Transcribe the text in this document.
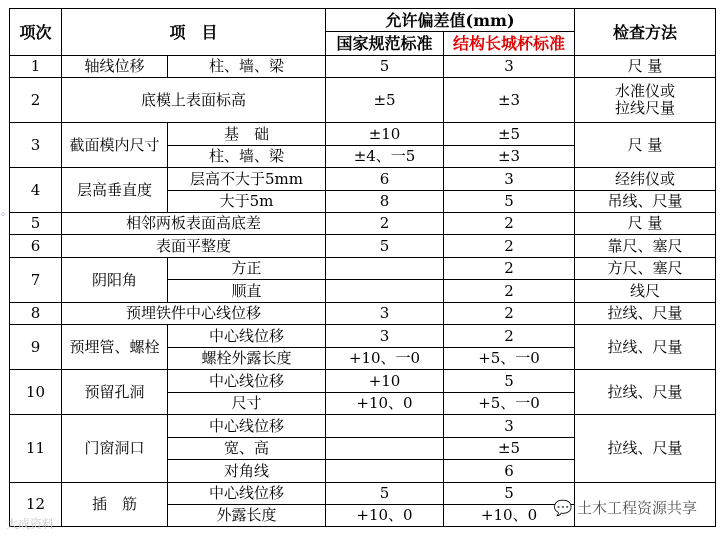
项次	项　目		允许偏差值(mm)		检查方法
			国家规范标准	结构长城杯标准	
1	轴线位移	柱、墙、梁	5	3	尺 量
2	底模上表面标高		±5	±3	水准仪或
拉线尺量
3	截面模内尺寸	基　础	±10	±5	尺 量
		柱、墙、梁	±4、一5	±3	
4	层高垂直度	层高不大于5mm	6	3	经纬仪或
		大于5m	8	5	吊线、尺量
5	相邻两板表面高底差		2	2	尺 量
6	表面平整度		5	2	靠尺、塞尺
7	阴阳角	方正		2	方尺、塞尺
		顺直		2	线尺
8	预埋铁件中心线位移		3	2	拉线、尺量
9	预埋管、螺栓	中心线位移	3	2	拉线、尺量
		螺栓外露长度	+10、一0	+5、一0	
10	预留孔洞	中心线位移	+10	5	拉线、尺量
		尺寸	+10、0	+5、一0	
11	门窗洞口	中心线位移		3	拉线、尺量
		宽、高		±5	
		对角线		6	
12	插　筋	中心线位移	5	5	
		外露长度	+10、0	+10、0	💬 土木工程资源共享
大成资料
◦
